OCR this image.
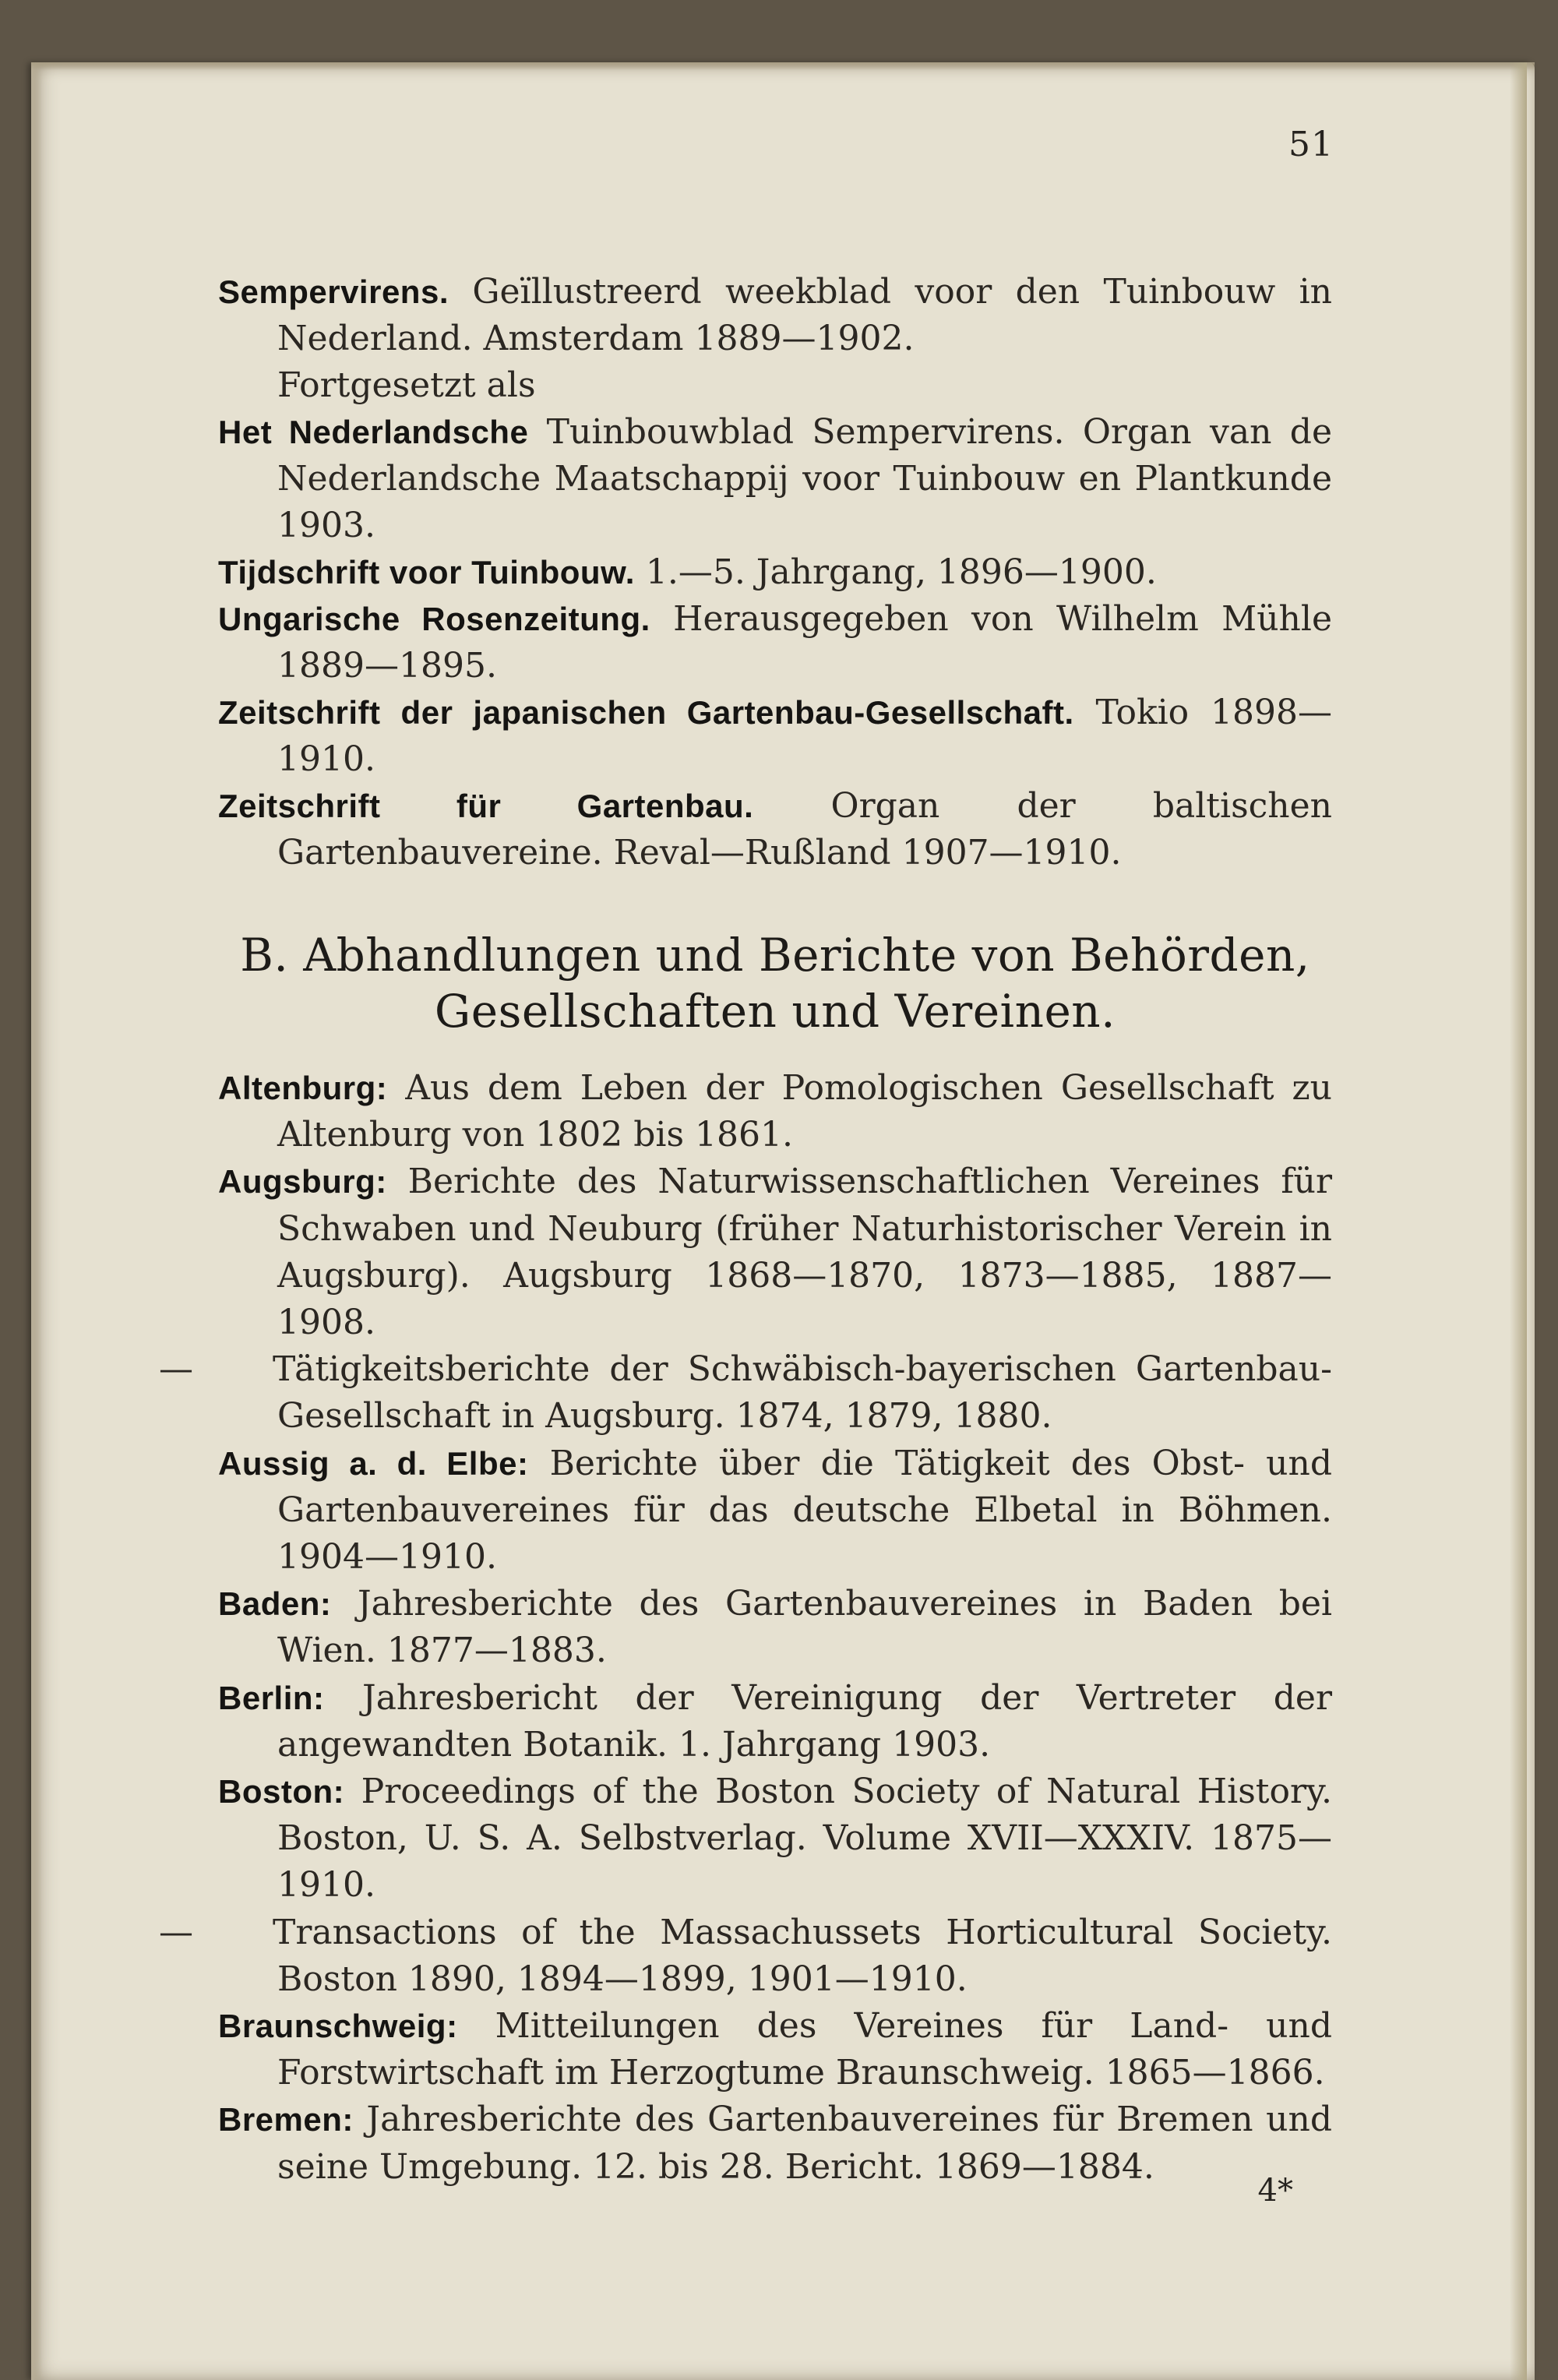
51
Sempervirens. Geïllustreerd weekblad voor den Tuinbouw in Nederland. Amsterdam 1889—1902.
Fortgesetzt als
Het Nederlandsche Tuinbouwblad Sempervirens. Organ van de Nederlandsche Maatschappij voor Tuinbouw en Plantkunde 1903.
Tijdschrift voor Tuinbouw. 1.—5. Jahrgang, 1896—1900.
Ungarische Rosenzeitung. Herausgegeben von Wilhelm Mühle 1889—1895.
Zeitschrift der japanischen Gartenbau-Gesellschaft. Tokio 1898—1910.
Zeitschrift für Gartenbau. Organ der baltischen Gartenbauvereine. Reval—Rußland 1907—1910.
B. Abhandlungen und Berichte von Behörden,
Gesellschaften und Vereinen.
Altenburg: Aus dem Leben der Pomologischen Gesellschaft zu Altenburg von 1802 bis 1861.
Augsburg: Berichte des Naturwissenschaftlichen Vereines für Schwaben und Neuburg (früher Naturhistorischer Verein in Augsburg). Augsburg 1868—1870, 1873—1885, 1887—1908.
— Tätigkeitsberichte der Schwäbisch-bayerischen Gartenbau-Gesellschaft in Augsburg. 1874, 1879, 1880.
Aussig a. d. Elbe: Berichte über die Tätigkeit des Obst- und Gartenbauvereines für das deutsche Elbetal in Böhmen. 1904—1910.
Baden: Jahresberichte des Gartenbauvereines in Baden bei Wien. 1877—1883.
Berlin: Jahresbericht der Vereinigung der Vertreter der angewandten Botanik. 1. Jahrgang 1903.
Boston: Proceedings of the Boston Society of Natural History. Boston, U. S. A. Selbstverlag. Volume XVII—XXXIV. 1875—1910.
— Transactions of the Massachussets Horticultural Society. Boston 1890, 1894—1899, 1901—1910.
Braunschweig: Mitteilungen des Vereines für Land- und Forstwirtschaft im Herzogtume Braunschweig. 1865—1866.
Bremen: Jahresberichte des Gartenbauvereines für Bremen und seine Umgebung. 12. bis 28. Bericht. 1869—1884.
4*
